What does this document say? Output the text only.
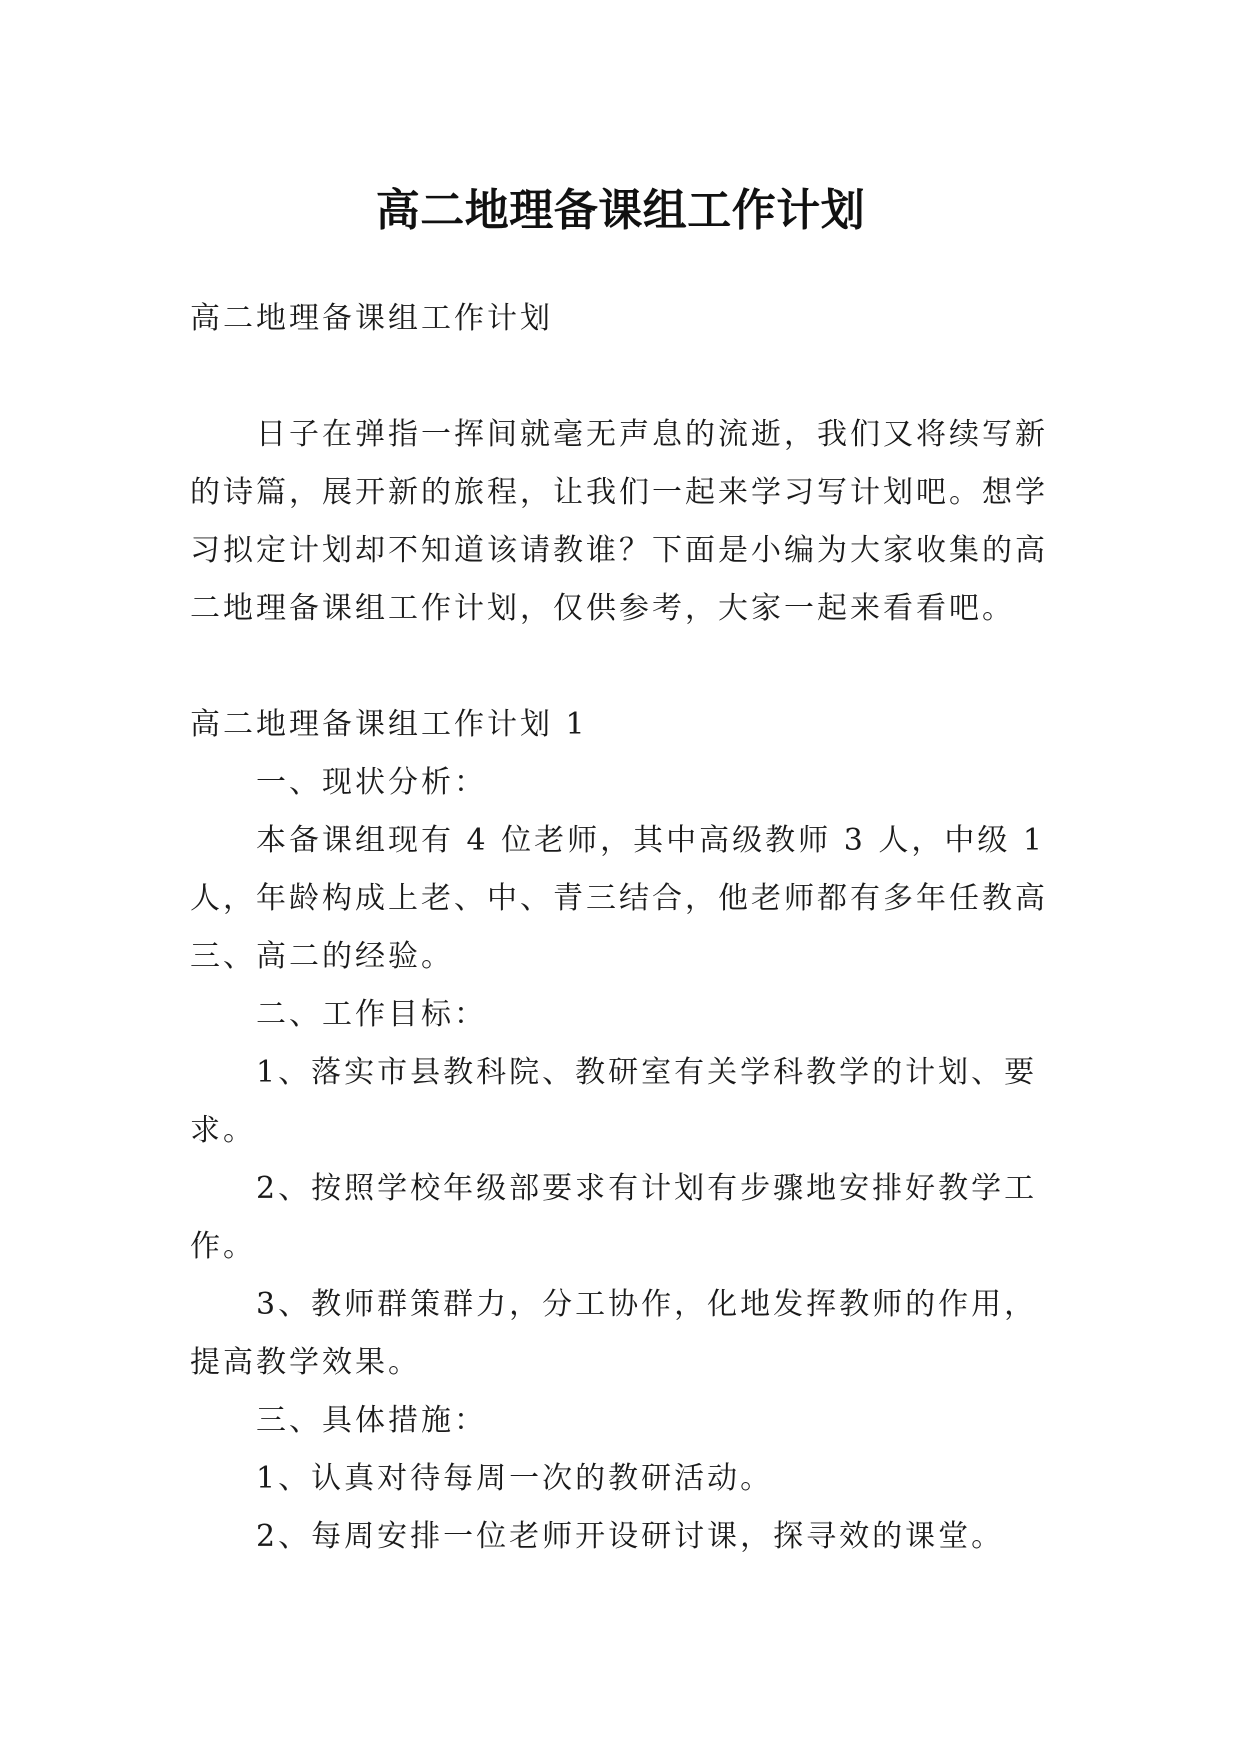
高二地理备课组工作计划

高二地理备课组工作计划

日子在弹指一挥间就毫无声息的流逝，我们又将续写新的诗篇，展开新的旅程，让我们一起来学习写计划吧。想学习拟定计划却不知道该请教谁？下面是小编为大家收集的高二地理备课组工作计划，仅供参考，大家一起来看看吧。

高二地理备课组工作计划 1

一、现状分析：

本备课组现有 4 位老师，其中高级教师 3 人，中级 1 人，年龄构成上老、中、青三结合，他老师都有多年任教高三、高二的经验。

二、工作目标：

1、落实市县教科院、教研室有关学科教学的计划、要求。

2、按照学校年级部要求有计划有步骤地安排好教学工作。

3、教师群策群力，分工协作，化地发挥教师的作用，提高教学效果。

三、具体措施：

1、认真对待每周一次的教研活动。

2、每周安排一位老师开设研讨课，探寻效的课堂。
